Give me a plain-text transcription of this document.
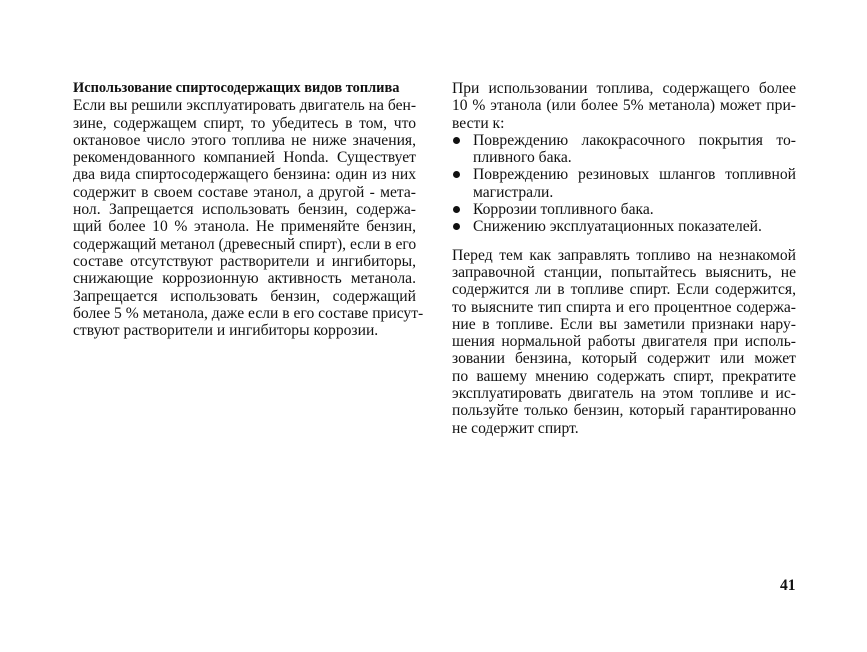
Использование спиртосодержащих видов топлива
Если вы решили эксплуатировать двигатель на бен-
зине, содержащем спирт, то убедитесь в том, что
октановое число этого топлива не ниже значения,
рекомендованного компанией Honda. Существует
два вида спиртосодержащего бензина: один из них
содержит в своем составе этанол, а другой - мета-
нол. Запрещается использовать бензин, содержа-
щий более 10 % этанола. Не применяйте бензин,
содержащий метанол (древесный спирт), если в его
составе отсутствуют растворители и ингибиторы,
снижающие коррозионную активность метанола.
Запрещается использовать бензин, содержащий
более 5 % метанола, даже если в его составе присут-
ствуют растворители и ингибиторы коррозии.
При использовании топлива, содержащего более
10 % этанола (или более 5% метанола) может при-
вести к:
Повреждению лакокрасочного покрытия то-
пливного бака.
Повреждению резиновых шлангов топливной
магистрали.
Коррозии топливного бака.
Снижению эксплуатационных показателей.
Перед тем как заправлять топливо на незнакомой
заправочной станции, попытайтесь выяснить, не
содержится ли в топливе спирт. Если содержится,
то выясните тип спирта и его процентное содержа-
ние в топливе. Если вы заметили признаки нару-
шения нормальной работы двигателя при исполь-
зовании бензина, который содержит или может
по вашему мнению содержать спирт, прекратите
эксплуатировать двигатель на этом топливе и ис-
пользуйте только бензин, который гарантированно
не содержит спирт.
41
